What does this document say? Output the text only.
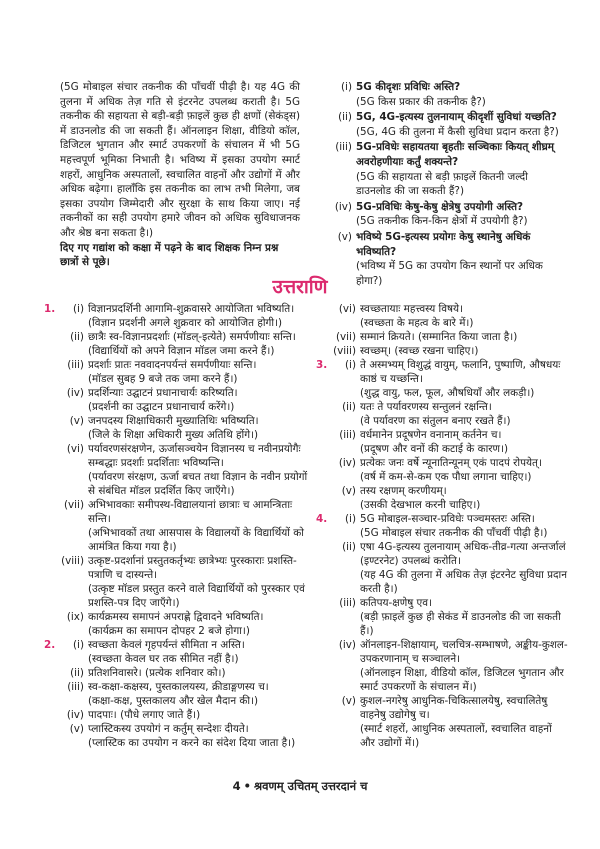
(5G मोबाइल संचार तकनीक की पाँचवीं पीढ़ी है। यह 4G की तुलना में अधिक तेज़ गति से इंटरनेट उपलब्ध कराती है। 5G तकनीक की सहायता से बड़ी-बड़ी फ़ाइलें कुछ ही क्षणों (सेकंड्स) में डाउनलोड की जा सकती हैं। ऑनलाइन शिक्षा, वीडियो कॉल, डिजिटल भुगतान और स्मार्ट उपकरणों के संचालन में भी 5G महत्त्वपूर्ण भूमिका निभाती है। भविष्य में इसका उपयोग स्मार्ट शहरों, आधुनिक अस्पतालों, स्वचालित वाहनों और उद्योगों में और अधिक बढ़ेगा। हालाँकि इस तकनीक का लाभ तभी मिलेगा, जब इसका उपयोग जिम्मेदारी और सुरक्षा के साथ किया जाए। नई तकनीकों का सही उपयोग हमारे जीवन को अधिक सुविधाजनक और श्रेष्ठ बना सकता है।)
दिए गए गद्यांश को कक्षा में पढ़ने के बाद शिक्षक निम्न प्रश्न छात्रों से पूछे।
(i) 5G कीदृशः प्रविधिः अस्ति?
(5G किस प्रकार की तकनीक है?)
(ii) 5G, 4G-इत्यस्य तुलनायाम् कीदृशीं सुविधां यच्छति?
(5G, 4G की तुलना में कैसी सुविधा प्रदान करता है?)
(iii) 5G-प्रविधेः सहायतया बृहतीः सञ्चिकाः कियत् शीघ्रम् अवरोहणीयाः कर्तुं शक्यन्ते?
(5G की सहायता से बड़ी फ़ाइलें कितनी जल्दी डाउनलोड की जा सकती हैं?)
(iv) 5G-प्रविधिः केषु-केषु क्षेत्रेषु उपयोगी अस्ति?
(5G तकनीक किन-किन क्षेत्रों में उपयोगी है?)
(v) भविष्ये 5G-इत्यस्य प्रयोगः केषु स्थानेषु अधिकं भविष्यति?
(भविष्य में 5G का उपयोग किन स्थानों पर अधिक होगा?)
उत्तराणि
1.	(i) विज्ञानप्रदर्शिनी आगामि-शुक्रवासरे आयोजिता भविष्यति।
(विज्ञान प्रदर्शनी अगले शुक्रवार को आयोजित होगी।)
(ii) छात्रैः स्व-विज्ञानप्रदर्शाः (मॉडल्-इत्येते) समर्पणीयाः सन्ति।
(विद्यार्थियों को अपने विज्ञान मॉडल जमा करने हैं।)
(iii) प्रदर्शाः प्रातः नववादनपर्यन्तं समर्पणीयाः सन्ति।
(मॉडल सुबह 9 बजे तक जमा करने हैं।)
(iv) प्रदर्शिन्याः उद्घाटनं प्रधानाचार्यः करिष्यति।
(प्रदर्शनी का उद्घाटन प्रधानाचार्य करेंगे।)
(v) जनपदस्य शिक्षाधिकारी मुख्यातिथिः भविष्यति।
(जिले के शिक्षा अधिकारी मुख्य अतिथि होंगे।)
(vi) पर्यावरणसंरक्षणेन, ऊर्जासञ्चयेन विज्ञानस्य च नवीनप्रयोगैः सम्बद्धाः प्रदर्शाः प्रदर्शिताः भविष्यन्ति।
(पर्यावरण संरक्षण, ऊर्जा बचत तथा विज्ञान के नवीन प्रयोगों से संबंधित मॉडल प्रदर्शित किए जाएँगे।)
(vii) अभिभावकाः समीपस्थ-विद्यालयानां छात्राः च आमन्त्रिताः सन्ति।
(अभिभावकों तथा आसपास के विद्यालयों के विद्यार्थियों को आमंत्रित किया गया है।)
(viii) उत्कृष्ट-प्रदर्शानां प्रस्तुतकर्तृभ्यः छात्रेभ्यः पुरस्काराः प्रशस्ति-पत्राणि च दास्यन्ते।
(उत्कृष्ट मॉडल प्रस्तुत करने वाले विद्यार्थियों को पुरस्कार एवं प्रशस्ति-पत्र दिए जाएँगे।)
(ix) कार्यक्रमस्य समापनं अपराह्णे द्विवादने भविष्यति।
(कार्यक्रम का समापन दोपहर 2 बजे होगा।)
2.	(i) स्वच्छता केवलं गृहपर्यन्तं सीमिता न अस्ति।
(स्वच्छता केवल घर तक सीमित नहीं है।)
(ii) प्रतिशनिवासरे। (प्रत्येक शनिवार को।)
(iii) स्व-कक्षा-कक्षस्य, पुस्तकालयस्य, क्रीडाङ्गणस्य च।
(कक्षा-कक्ष, पुस्तकालय और खेल मैदान की।)
(iv) पादपाः। (पौधे लगाए जाते हैं।)
(v) प्लास्टिकस्य उपयोगं न कर्तुम् सन्देशः दीयते।
(प्लास्टिक का उपयोग न करने का संदेश दिया जाता है।)
(vi) स्वच्छतायाः महत्त्वस्य विषये।
(स्वच्छता के महत्व के बारे में।)
(vii) सम्मानं क्रियते। (सम्मानित किया जाता है।)
(viii) स्वच्छम्। (स्वच्छ रखना चाहिए।)
3.	(i) ते अस्मभ्यम् विशुद्धं वायुम्, फलानि, पुष्पाणि, औषधयः काष्ठं च यच्छन्ति।
(शुद्ध वायु, फल, फूल, औषधियाँ और लकड़ी।)
(ii) यतः ते पर्यावरणस्य सन्तुलनं रक्षन्ति।
(वे पर्यावरण का संतुलन बनाए रखते हैं।)
(iii) वर्धमानेन प्रदूषणेन वनानाम् कर्तनेन च।
(प्रदूषण और वनों की कटाई के कारण।)
(iv) प्रत्येकः जनः वर्षे न्यूनातिन्यूनम् एकं पादपं रोपयेत्।
(वर्ष में कम-से-कम एक पौधा लगाना चाहिए।)
(v) तस्य रक्षणम् करणीयम्।
(उसकी देखभाल करनी चाहिए।)
4.	(i) 5G मोबाइल-सञ्चार-प्रविधेः पञ्चमस्तरः अस्ति।
(5G मोबाइल संचार तकनीक की पाँचवीं पीढ़ी है।)
(ii) एषा 4G-इत्यस्य तुलनायाम् अधिक-तीव्र-गत्या अन्तर्जालं (इण्टरनेट) उपलब्धं करोति।
(यह 4G की तुलना में अधिक तेज़ इंटरनेट सुविधा प्रदान करती है।)
(iii) कतिपय-क्षणेषु एव।
(बड़ी फ़ाइलें कुछ ही सेकंड में डाउनलोड की जा सकती हैं।)
(iv) ऑनलाइन-शिक्षायाम्, चलचित्र-सम्भाषणे, अङ्कीय-कुशल-उपकरणानाम् च सञ्चालने।
(ऑनलाइन शिक्षा, वीडियो कॉल, डिजिटल भुगतान और स्मार्ट उपकरणों के संचालन में।)
(v) कुशल-नगरेषु आधुनिक-चिकित्सालयेषु, स्वचालितेषु वाहनेषु उद्योगेषु च।
(स्मार्ट शहरों, आधुनिक अस्पतालों, स्वचालित वाहनों और उद्योगों में।)
4 • श्रवणम् उचितम् उत्तरदानं च
